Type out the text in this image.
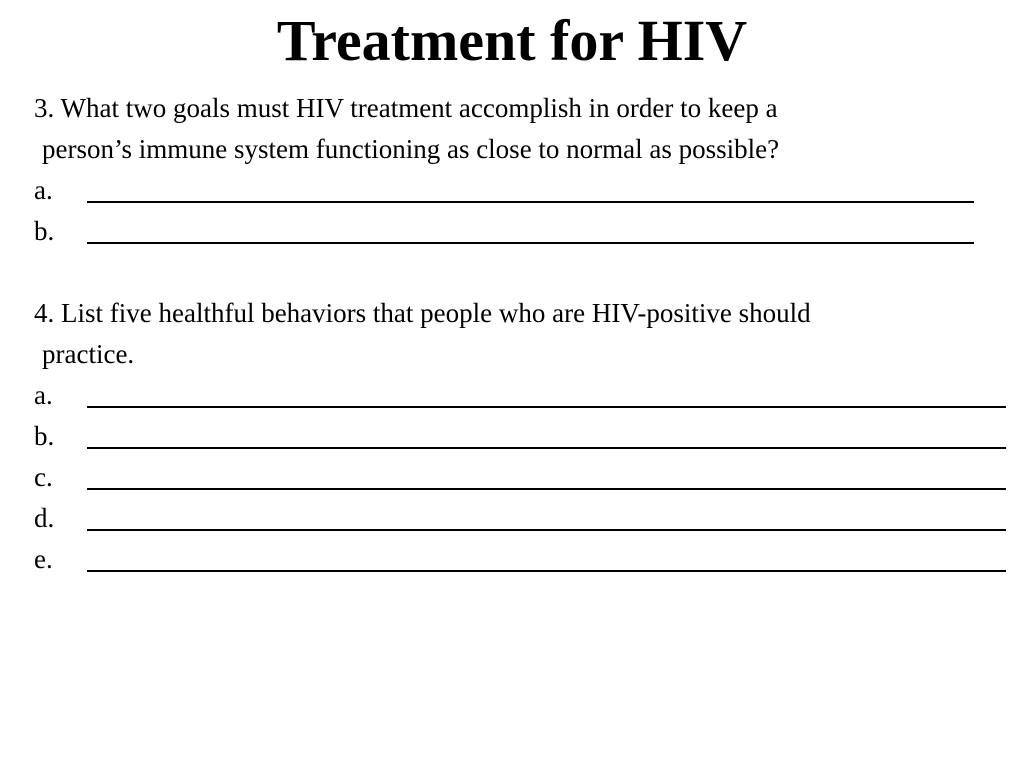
Treatment for HIV
3. What two goals must HIV treatment accomplish in order to keep a
person’s immune system functioning as close to normal as possible?
a.
b.
4. List five healthful behaviors that people who are HIV-positive should
practice.
a.
b.
c.
d.
e.
